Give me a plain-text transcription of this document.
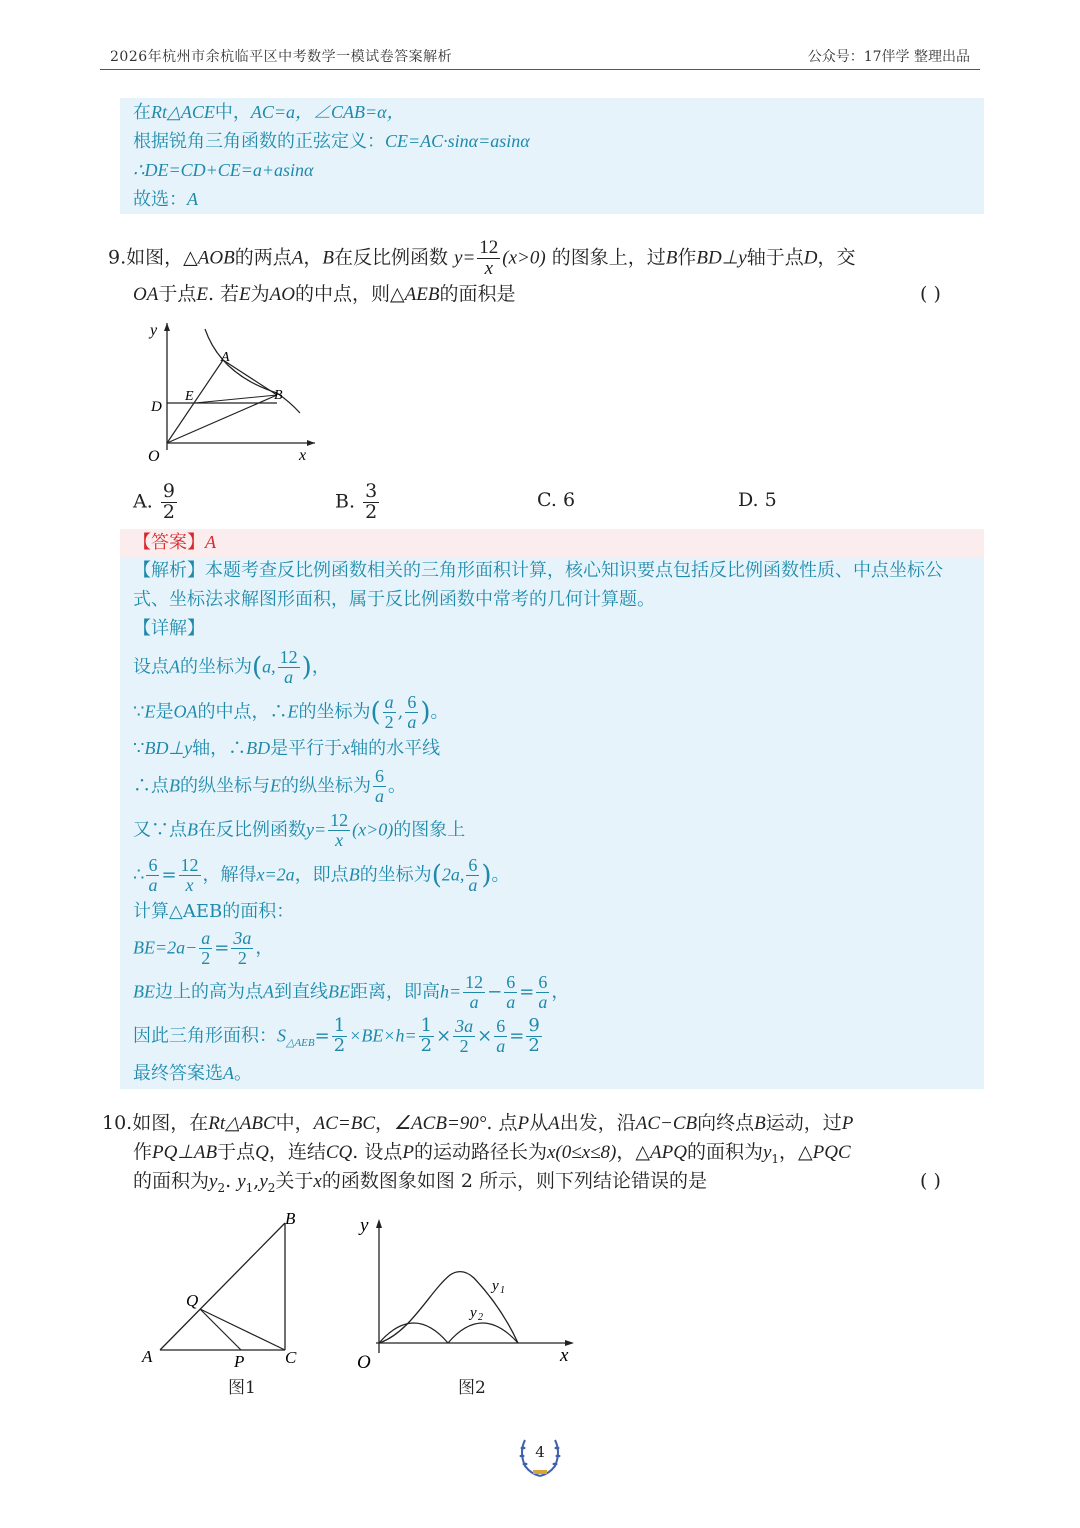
2026年杭州市余杭临平区中考数学一模试卷答案解析	公众号：17伴学 整理出品
在Rt△ACE中，AC=a，∠CAB=α，
根据锐角三角函数的正弦定义：CE=AC·sinα=asinα
∴DE=CD+CE=a+asinα
故选：A
9.如图，△AOB的两点A，B在反比例函数 $y= \frac{12}{x} (x>0)$ 的图象上，过B作BD⊥y轴于点D，交
OA于点E. 若E为AO的中点，则△AEB的面积是	( )
y
x
O
D
E
A
B
A. $\frac{9}{2}$	B. $\frac{3}{2}$	C. 6	D. 5
【答案】A
【解析】本题考查反比例函数相关的三角形面积计算，核心知识要点包括反比例函数性质、中点坐标公
式、坐标法求解图形面积，属于反比例函数中常考的几何计算题。
【详解】
设点A的坐标为(a, $\frac{12}{a}$ )，
∵E是OA的中点，∴E的坐标为( $\frac{a}{2}$ , $\frac{6}{a}$ )。
∵BD⊥y轴，∴BD是平行于x轴的水平线
∴点B的纵坐标与E的纵坐标为 $\frac{6}{a}$ 。
又∵点B在反比例函数$y= \frac{12}{x} (x>0)$的图象上
∴ $\frac{6}{a} = \frac{12}{x}$ ，解得x=2a，即点B的坐标为(2a, $\frac{6}{a}$ )。
计算△AEB的面积：
$BE=2a- \frac{a}{2} = \frac{3a}{2}$ ，
BE边上的高为点A到直线BE距离，即高$h= \frac{12}{a} - \frac{6}{a} = \frac{6}{a}$ ，
因此三角形面积：$S_{\triangle AEB}= \frac{1}{2} \times BE\times h= \frac{1}{2} \times \frac{3a}{2} \times \frac{6}{a} = \frac{9}{2}$
最终答案选A。
10.如图，在Rt△ABC中，AC=BC，∠ACB=90°. 点P从A出发，沿AC−CB向终点B运动，过P
作PQ⊥AB于点Q，连结CQ. 设点P的运动路径长为x(0≤x≤8)，△APQ的面积为$y_1$，△PQC
的面积为$y_2$. $y_1,y_2$关于x的函数图象如图 2 所示，则下列结论错误的是	( )
A
B
C
P
Q
图1
y
x
O
y 1
y 2
图2
4
